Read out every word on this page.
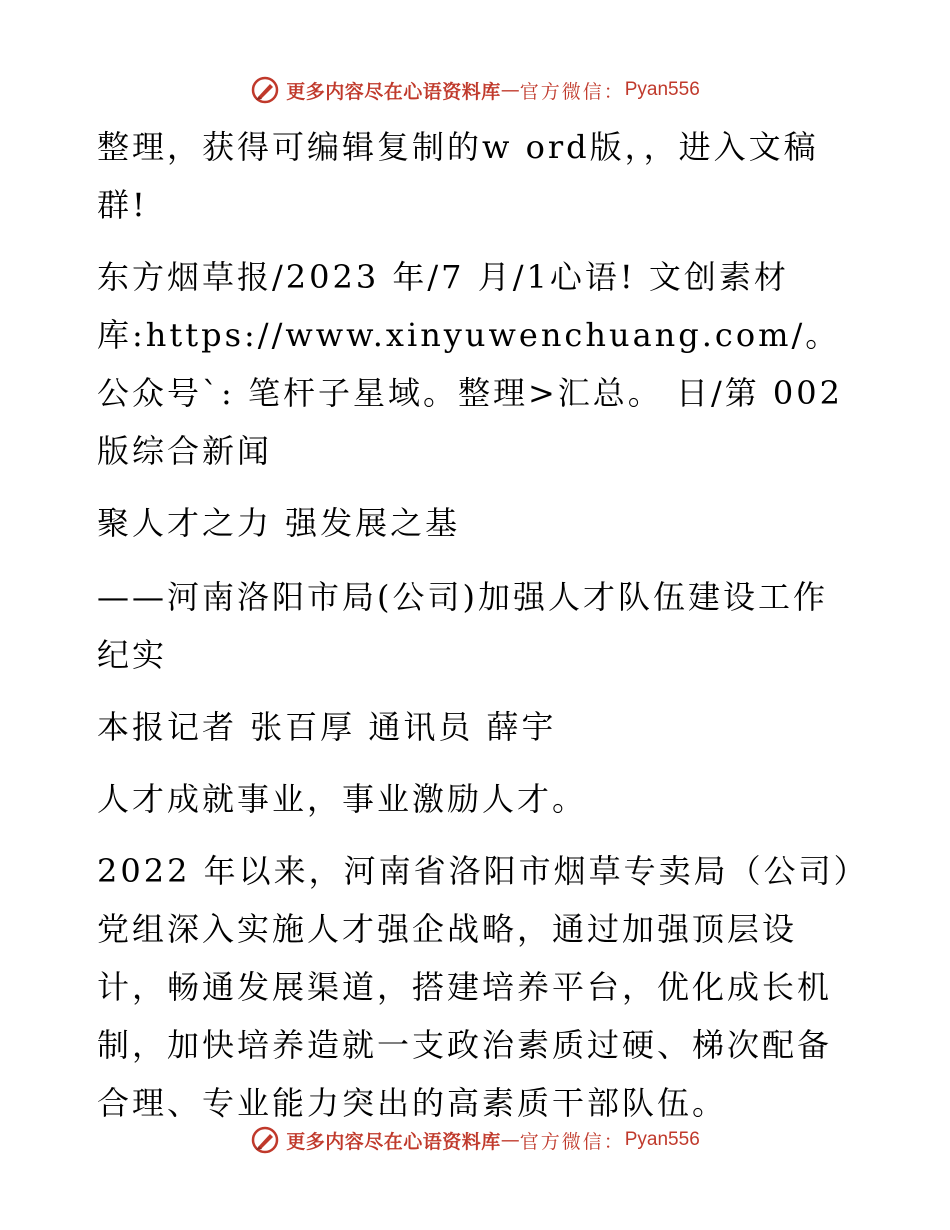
更多内容尽在心语资料库 — 官方微信： Pyan556

整理，获得可编辑复制的w ord版，，进入文稿群!

东方烟草报/2023 年/7 月/1心语! 文创素材库:https://www.xinyuwenchuang.com/。公众号`: 笔杆子星域。整理>汇总。 日/第 002 版综合新闻

聚人才之力 强发展之基

——河南洛阳市局(公司)加强人才队伍建设工作纪实

本报记者 张百厚 通讯员 薛宇

人才成就事业，事业激励人才。

2022 年以来，河南省洛阳市烟草专卖局（公司）党组深入实施人才强企战略，通过加强顶层设计，畅通发展渠道，搭建培养平台，优化成长机制，加快培养造就一支政治素质过硬、梯次配备合理、专业能力突出的高素质干部队伍。

更多内容尽在心语资料库 — 官方微信： Pyan556
